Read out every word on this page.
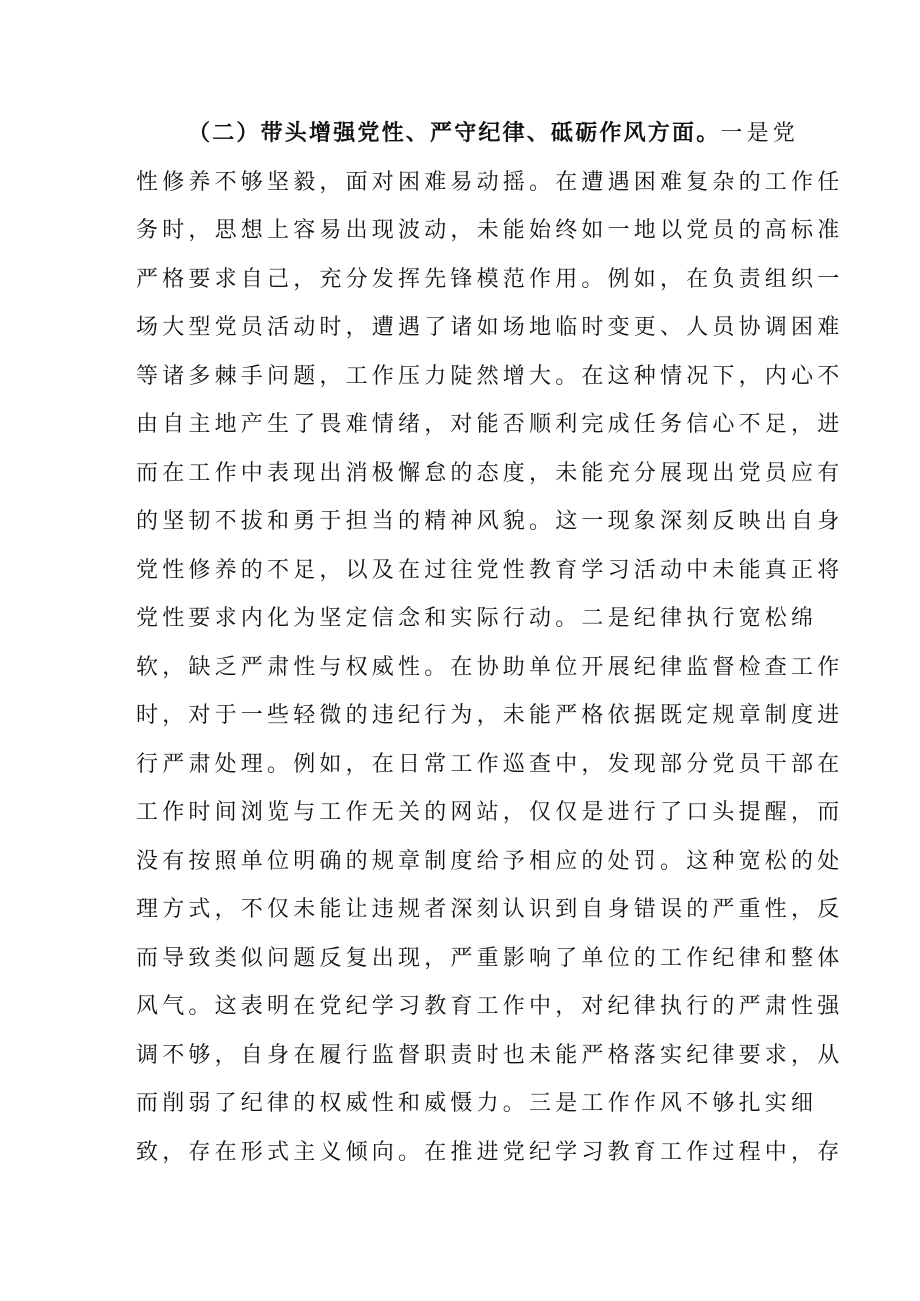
（二）带头增强党性、严守纪律、砥砺作风方面。一是党
性修养不够坚毅，面对困难易动摇。在遭遇困难复杂的工作任
务时，思想上容易出现波动，未能始终如一地以党员的高标准
严格要求自己，充分发挥先锋模范作用。例如，在负责组织一
场大型党员活动时，遭遇了诸如场地临时变更、人员协调困难
等诸多棘手问题，工作压力陡然增大。在这种情况下，内心不
由自主地产生了畏难情绪，对能否顺利完成任务信心不足，进
而在工作中表现出消极懈怠的态度，未能充分展现出党员应有
的坚韧不拔和勇于担当的精神风貌。这一现象深刻反映出自身
党性修养的不足，以及在过往党性教育学习活动中未能真正将
党性要求内化为坚定信念和实际行动。二是纪律执行宽松绵
软，缺乏严肃性与权威性。在协助单位开展纪律监督检查工作
时，对于一些轻微的违纪行为，未能严格依据既定规章制度进
行严肃处理。例如，在日常工作巡查中，发现部分党员干部在
工作时间浏览与工作无关的网站，仅仅是进行了口头提醒，而
没有按照单位明确的规章制度给予相应的处罚。这种宽松的处
理方式，不仅未能让违规者深刻认识到自身错误的严重性，反
而导致类似问题反复出现，严重影响了单位的工作纪律和整体
风气。这表明在党纪学习教育工作中，对纪律执行的严肃性强
调不够，自身在履行监督职责时也未能严格落实纪律要求，从
而削弱了纪律的权威性和威慑力。三是工作作风不够扎实细
致，存在形式主义倾向。在推进党纪学习教育工作过程中，存
